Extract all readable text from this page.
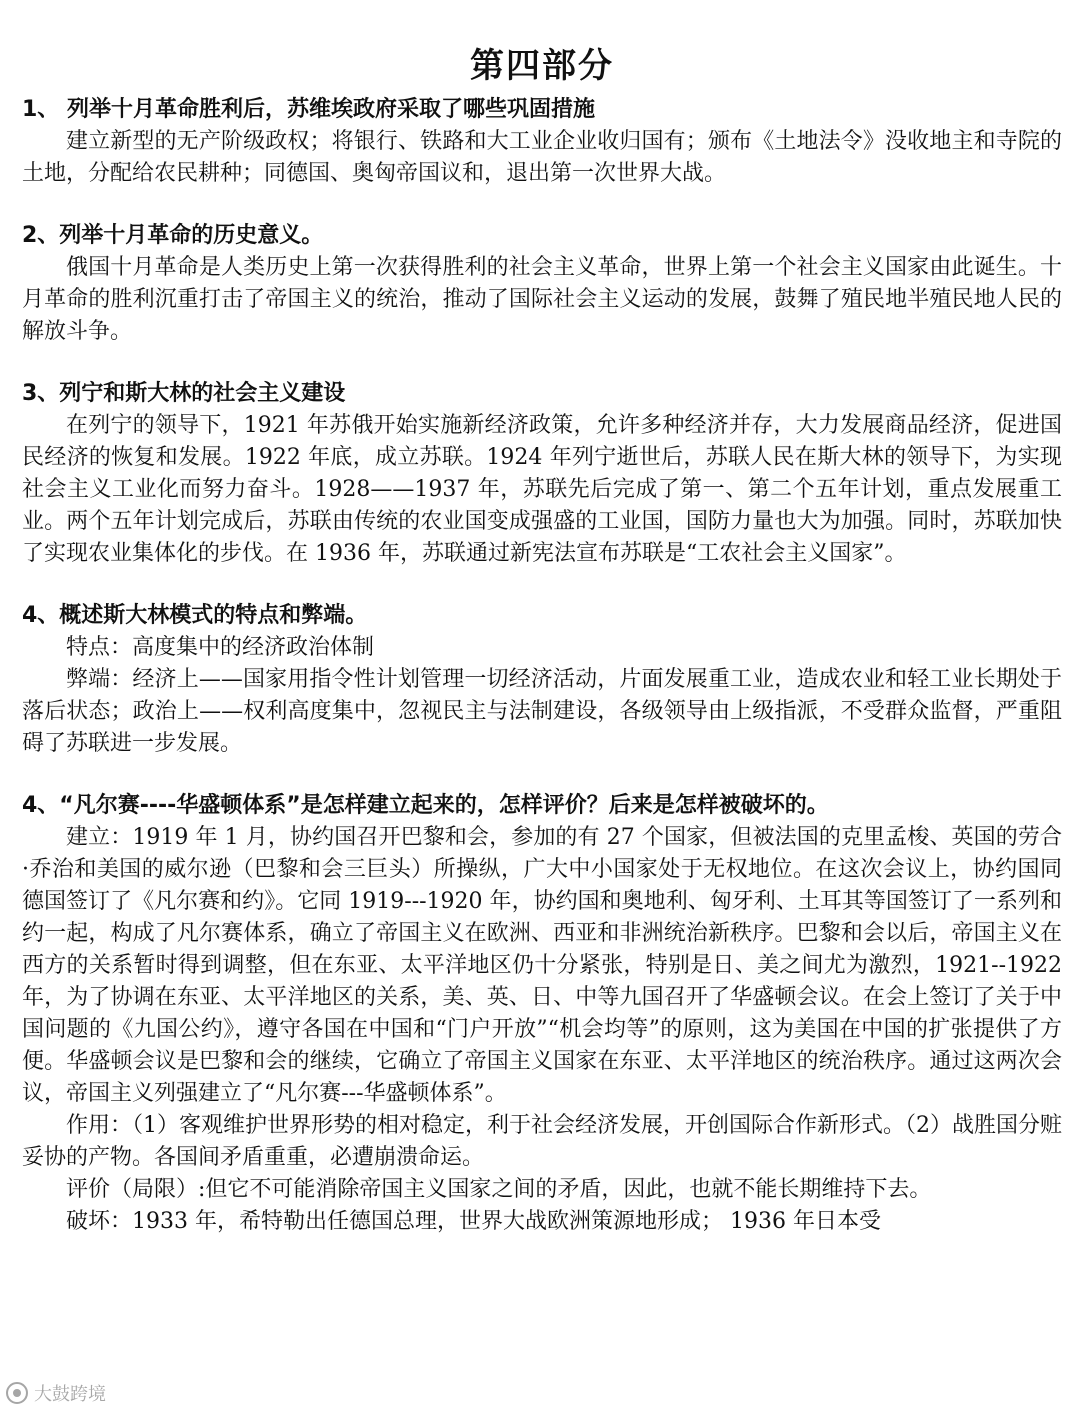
第四部分

1、 列举十月革命胜利后，苏维埃政府采取了哪些巩固措施

建立新型的无产阶级政权；将银行、铁路和大工业企业收归国有；颁布《土地法令》没收地主和寺院的土地，分配给农民耕种；同德国、奥匈帝国议和，退出第一次世界大战。

2、列举十月革命的历史意义。

俄国十月革命是人类历史上第一次获得胜利的社会主义革命，世界上第一个社会主义国家由此诞生。十月革命的胜利沉重打击了帝国主义的统治，推动了国际社会主义运动的发展，鼓舞了殖民地半殖民地人民的解放斗争。

3、列宁和斯大林的社会主义建设

在列宁的领导下，1921 年苏俄开始实施新经济政策，允许多种经济并存，大力发展商品经济，促进国民经济的恢复和发展。1922 年底，成立苏联。1924 年列宁逝世后，苏联人民在斯大林的领导下，为实现社会主义工业化而努力奋斗。1928——1937 年，苏联先后完成了第一、第二个五年计划，重点发展重工业。两个五年计划完成后，苏联由传统的农业国变成强盛的工业国，国防力量也大为加强。同时，苏联加快了实现农业集体化的步伐。在 1936 年，苏联通过新宪法宣布苏联是“工农社会主义国家”。

4、概述斯大林模式的特点和弊端。

特点：高度集中的经济政治体制

弊端：经济上——国家用指令性计划管理一切经济活动，片面发展重工业，造成农业和轻工业长期处于落后状态；政治上——权利高度集中，忽视民主与法制建设，各级领导由上级指派，不受群众监督，严重阻碍了苏联进一步发展。

4、“凡尔赛----华盛顿体系”是怎样建立起来的，怎样评价？后来是怎样被破坏的。

建立：1919 年 1 月，协约国召开巴黎和会，参加的有 27 个国家，但被法国的克里孟梭、英国的劳合·乔治和美国的威尔逊（巴黎和会三巨头）所操纵，广大中小国家处于无权地位。在这次会议上，协约国同德国签订了《凡尔赛和约》。它同 1919---1920 年，协约国和奥地利、匈牙利、土耳其等国签订了一系列和约一起，构成了凡尔赛体系，确立了帝国主义在欧洲、西亚和非洲统治新秩序。巴黎和会以后，帝国主义在西方的关系暂时得到调整，但在东亚、太平洋地区仍十分紧张，特别是日、美之间尤为激烈，1921--1922 年，为了协调在东亚、太平洋地区的关系，美、英、日、中等九国召开了华盛顿会议。在会上签订了关于中国问题的《九国公约》，遵守各国在中国和“门户开放”“机会均等”的原则，这为美国在中国的扩张提供了方便。华盛顿会议是巴黎和会的继续，它确立了帝国主义国家在东亚、太平洋地区的统治秩序。通过这两次会议，帝国主义列强建立了“凡尔赛---华盛顿体系”。

作用：（1）客观维护世界形势的相对稳定，利于社会经济发展，开创国际合作新形式。（2）战胜国分赃妥协的产物。各国间矛盾重重，必遭崩溃命运。

评价（局限）:但它不可能消除帝国主义国家之间的矛盾，因此，也就不能长期维持下去。

破坏：1933 年，希特勒出任德国总理，世界大战欧洲策源地形成； 1936 年日本受

大鼓跨境
